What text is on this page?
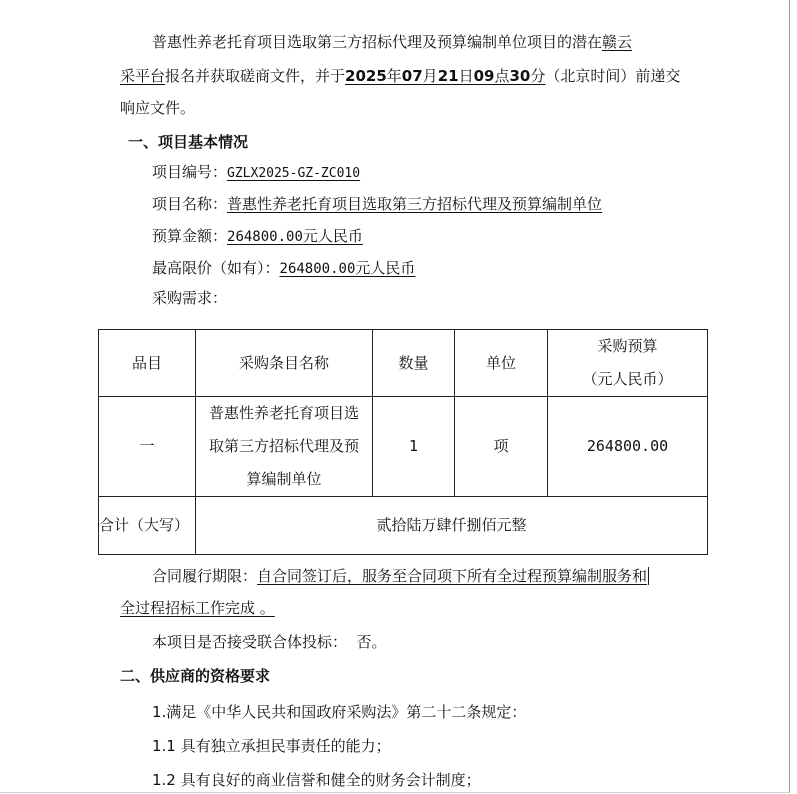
普惠性养老托育项目选取第三方招标代理及预算编制单位项目的潜在赣云
采平台报名并获取磋商文件，并于2025年07月21日09点30分（北京时间）前递交
响应文件。
一、项目基本情况
项目编号：GZLX2025-GZ-ZC010
项目名称：普惠性养老托育项目选取第三方招标代理及预算编制单位
预算金额：264800.00元人民币
最高限价（如有）：264800.00元人民币
采购需求：
品目	采购条目名称	数量	单位	采购预算
（元人民币）

一	普惠性养老托育项目选
取第三方招标代理及预
算编制单位	1	项	264800.00
合计（大写）	贰拾陆万肆仟捌佰元整			
合同履行期限：自合同签订后，服务至合同项下所有全过程预算编制服务和
全过程招标工作完成 。
本项目是否接受联合体投标：  否。
二、供应商的资格要求
1.满足《中华人民共和国政府采购法》第二十二条规定：
1.1 具有独立承担民事责任的能力；
1.2 具有良好的商业信誉和健全的财务会计制度；
